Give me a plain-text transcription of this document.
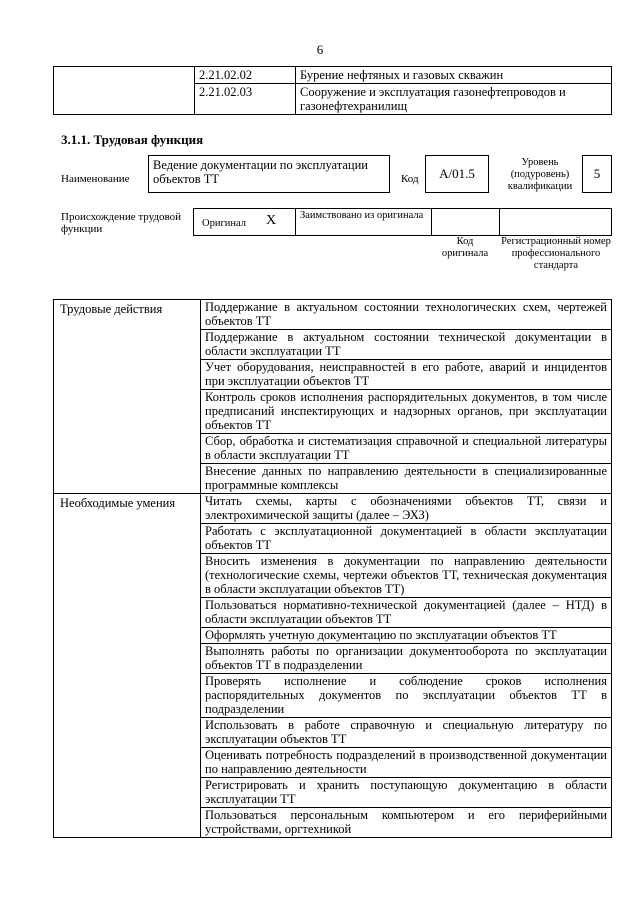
6
	2.21.02.02	Бурение нефтяных и газовых скважин
	2.21.02.03	Сооружение и эксплуатация газонефтепроводов и газонефтехранилищ
3.1.1. Трудовая функция
Наименование
Ведение документации по эксплуатации объектов ТТ	Код	А/01.5
Уровень (подуровень) квалификации
5
Происхождение трудовой функции	Оригинал X Заимствовано из оригинала
Код оригинала
Регистрационный номер профессионального стандарта
Трудовые действия	Поддержание в актуальном состоянии технологических схем, чертежей объектов ТТ
	Поддержание в актуальном состоянии технической документации в области эксплуатации ТТ
	Учет оборудования, неисправностей в его работе, аварий и инцидентов при эксплуатации объектов ТТ
	Контроль сроков исполнения распорядительных документов, в том числе предписаний инспектирующих и надзорных органов, при эксплуатации объектов ТТ
	Сбор, обработка и систематизация справочной и специальной литературы в области эксплуатации ТТ
	Внесение данных по направлению деятельности в специализированные программные комплексы
Необходимые умения	Читать схемы, карты с обозначениями объектов ТТ, связи и электрохимической защиты (далее – ЭХЗ)
	Работать с эксплуатационной документацией в области эксплуатации объектов ТТ
	Вносить изменения в документации по направлению деятельности (технологические схемы, чертежи объектов ТТ, техническая документация в области эксплуатации объектов ТТ)
	Пользоваться нормативно-технической документацией (далее – НТД) в области эксплуатации объектов ТТ
	Оформлять учетную документацию по эксплуатации объектов ТТ
	Выполнять работы по организации документооборота по эксплуатации объектов ТТ в подразделении
	Проверять исполнение и соблюдение сроков исполнения распорядительных документов по эксплуатации объектов ТТ в подразделении
	Использовать в работе справочную и специальную литературу по эксплуатации объектов ТТ
	Оценивать потребность подразделений в производственной документации по направлению деятельности
	Регистрировать и хранить поступающую документацию в области эксплуатации ТТ
	Пользоваться персональным компьютером и его периферийными устройствами, оргтехникой
